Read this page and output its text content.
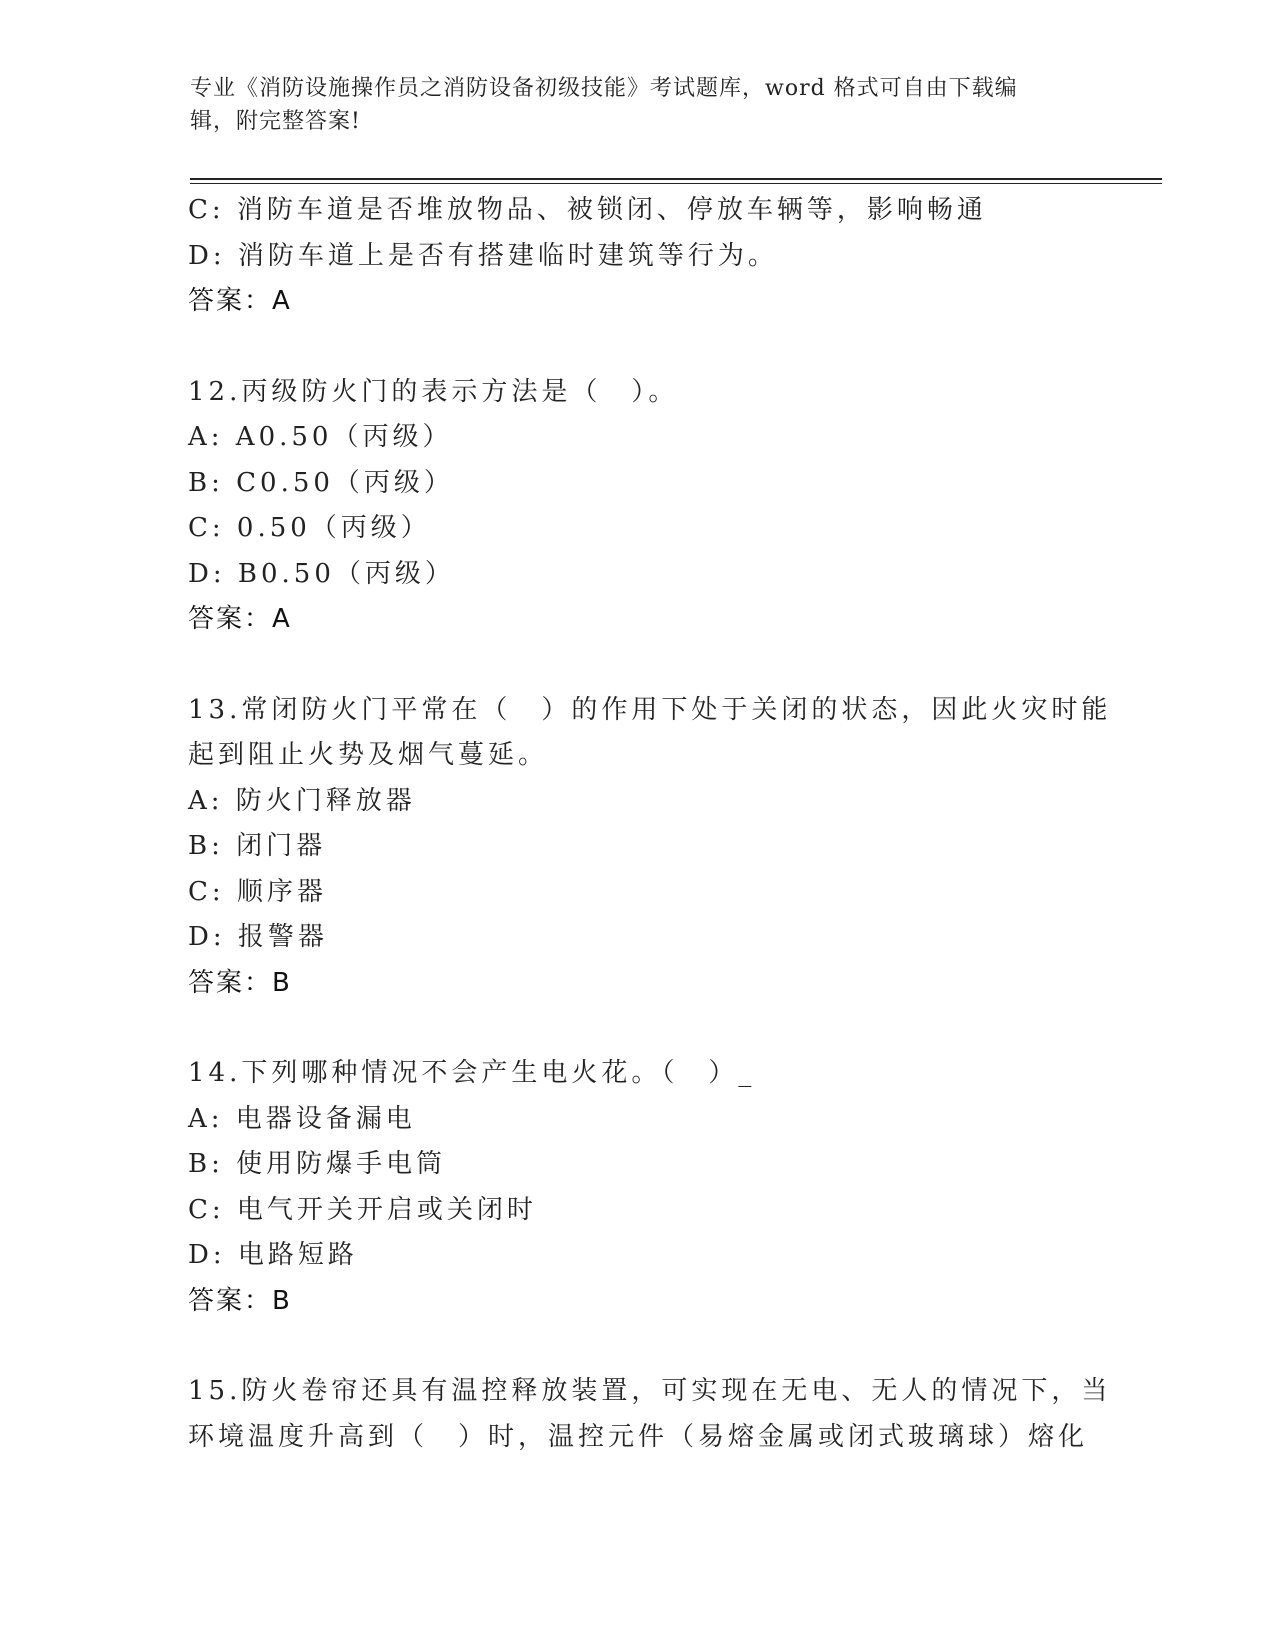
专业《消防设施操作员之消防设备初级技能》考试题库，word 格式可自由下载编
辑，附完整答案!
C: 消防车道是否堆放物品、被锁闭、停放车辆等，影响畅通
D: 消防车道上是否有搭建临时建筑等行为。
答案：A
12.丙级防火门的表示方法是（　）。
A: A0.50（丙级）
B: C0.50（丙级）
C: 0.50（丙级）
D: B0.50（丙级）
答案：A
13.常闭防火门平常在（　）的作用下处于关闭的状态，因此火灾时能
起到阻止火势及烟气蔓延。
A: 防火门释放器
B: 闭门器
C: 顺序器
D: 报警器
答案：B
14.下列哪种情况不会产生电火花。（　）_
A: 电器设备漏电
B: 使用防爆手电筒
C: 电气开关开启或关闭时
D: 电路短路
答案：B
15.防火卷帘还具有温控释放装置，可实现在无电、无人的情况下，当
环境温度升高到（　）时，温控元件（易熔金属或闭式玻璃球）熔化
